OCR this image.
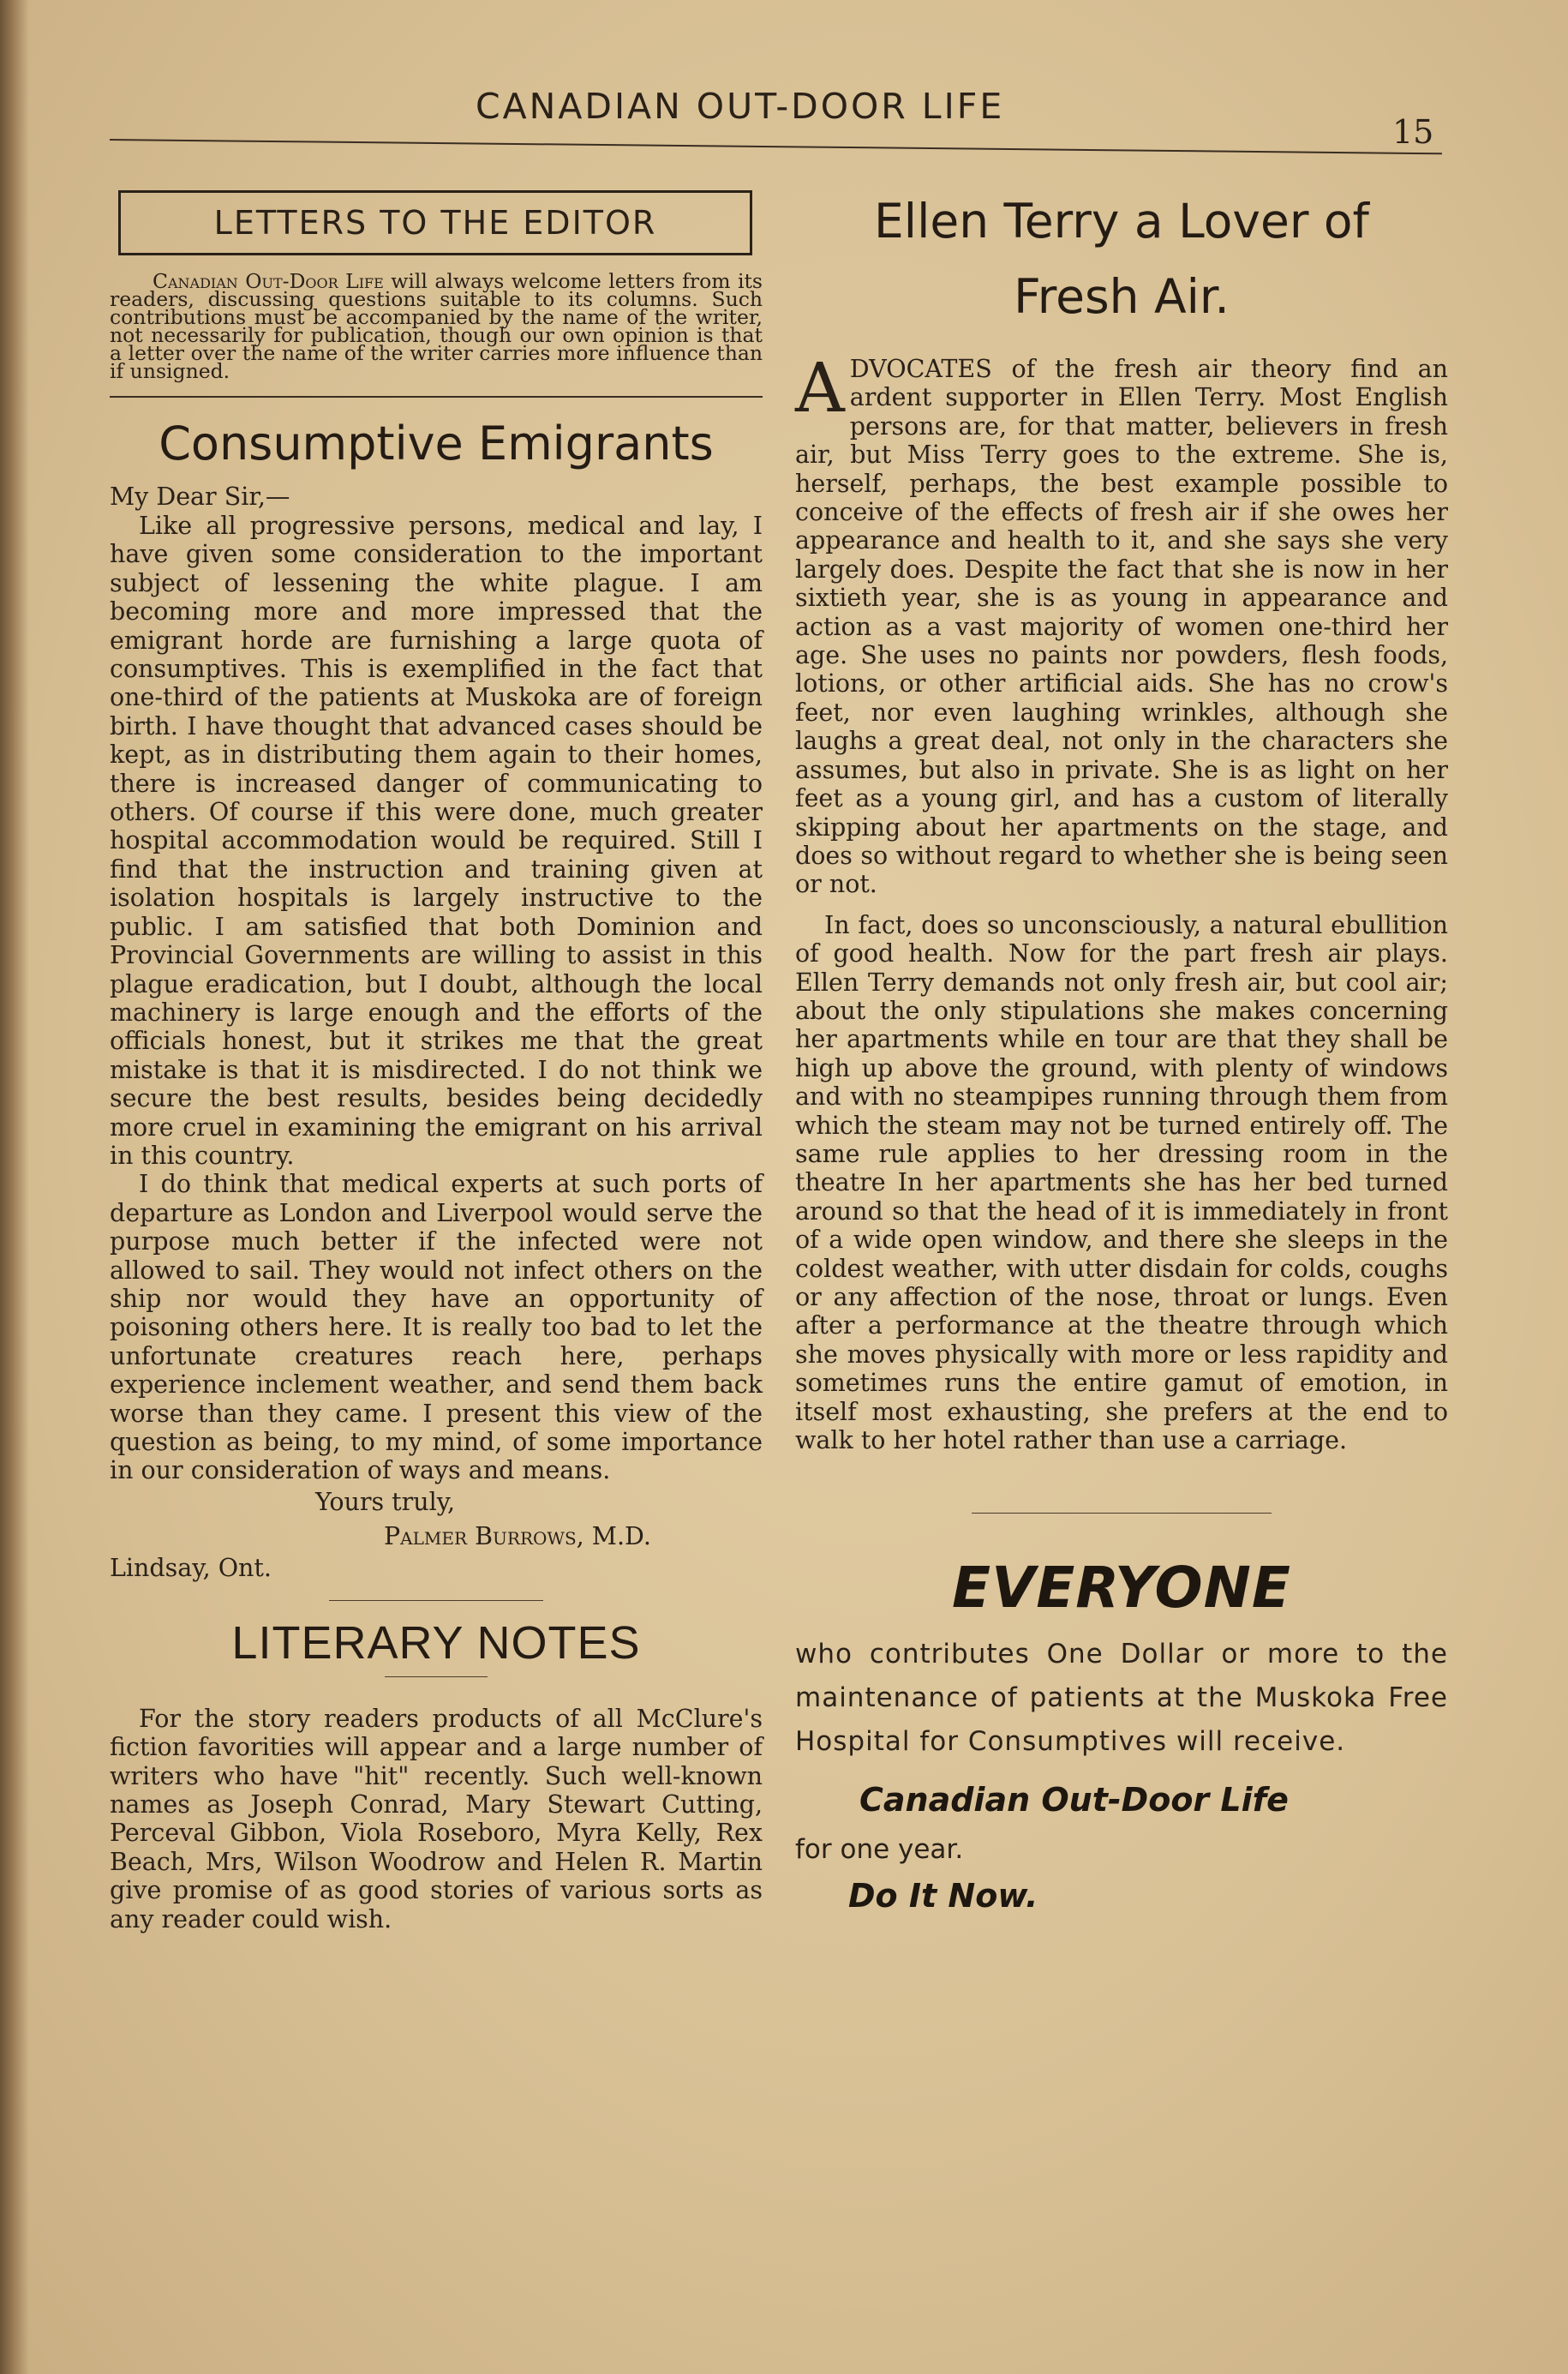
CANADIAN OUT-DOOR LIFE
15
LETTERS TO THE EDITOR

Canadian Out-Door Life will always welcome letters from its readers, discussing questions suitable to its columns. Such contributions must be accompanied by the name of the writer, not necessarily for publication, though our own opinion is that a letter over the name of the writer carries more influence than if unsigned.

Consumptive Emigrants

My Dear Sir,—

Like all progressive persons, medical and lay, I have given some consideration to the important subject of lessening the white plague. I am becoming more and more impressed that the emigrant horde are furnishing a large quota of consumptives. This is exemplified in the fact that one-third of the patients at Muskoka are of foreign birth. I have thought that advanced cases should be kept, as in distributing them again to their homes, there is increased danger of communicating to others. Of course if this were done, much greater hospital accommodation would be required. Still I find that the instruction and training given at isolation hospitals is largely instructive to the public. I am satisfied that both Dominion and Provincial Governments are willing to assist in this plague eradication, but I doubt, although the local machinery is large enough and the efforts of the officials honest, but it strikes me that the great mistake is that it is misdirected. I do not think we secure the best results, besides being decidedly more cruel in examining the emigrant on his arrival in this country.

I do think that medical experts at such ports of departure as London and Liverpool would serve the purpose much better if the infected were not allowed to sail. They would not infect others on the ship nor would they have an opportunity of poisoning others here. It is really too bad to let the unfortunate creatures reach here, perhaps experience inclement weather, and send them back worse than they came. I present this view of the question as being, to my mind, of some importance in our consideration of ways and means.

Yours truly,

Palmer Burrows, M.D.

Lindsay, Ont.

LITERARY NOTES

For the story readers products of all McClure's fiction favorities will appear and a large number of writers who have "hit" recently. Such well-known names as Joseph Conrad, Mary Stewart Cutting, Perceval Gibbon, Viola Roseboro, Myra Kelly, Rex Beach, Mrs, Wilson Woodrow and Helen R. Martin give promise of as good stories of various sorts as any reader could wish.

Ellen Terry a Lover of
Fresh Air.

ADVOCATES of the fresh air theory find an ardent supporter in Ellen Terry. Most English persons are, for that matter, believers in fresh air, but Miss Terry goes to the extreme. She is, herself, perhaps, the best example possible to conceive of the effects of fresh air if she owes her appearance and health to it, and she says she very largely does. Despite the fact that she is now in her sixtieth year, she is as young in appearance and action as a vast majority of women one-third her age. She uses no paints nor powders, flesh foods, lotions, or other artificial aids. She has no crow's feet, nor even laughing wrinkles, although she laughs a great deal, not only in the characters she assumes, but also in private. She is as light on her feet as a young girl, and has a custom of literally skipping about her apartments on the stage, and does so without regard to whether she is being seen or not.

In fact, does so unconsciously, a natural ebullition of good health. Now for the part fresh air plays. Ellen Terry demands not only fresh air, but cool air; about the only stipulations she makes concerning her apartments while en tour are that they shall be high up above the ground, with plenty of windows and with no steampipes running through them from which the steam may not be turned entirely off. The same rule applies to her dressing room in the theatre In her apartments she has her bed turned around so that the head of it is immediately in front of a wide open window, and there she sleeps in the coldest weather, with utter disdain for colds, coughs or any affection of the nose, throat or lungs. Even after a performance at the theatre through which she moves physically with more or less rapidity and sometimes runs the entire gamut of emotion, in itself most exhausting, she prefers at the end to walk to her hotel rather than use a carriage.

EVERYONE

who contributes One Dollar or more to the maintenance of patients at the Muskoka Free Hospital for Consumptives will receive.

Canadian Out-Door Life
for one year.
Do It Now.
